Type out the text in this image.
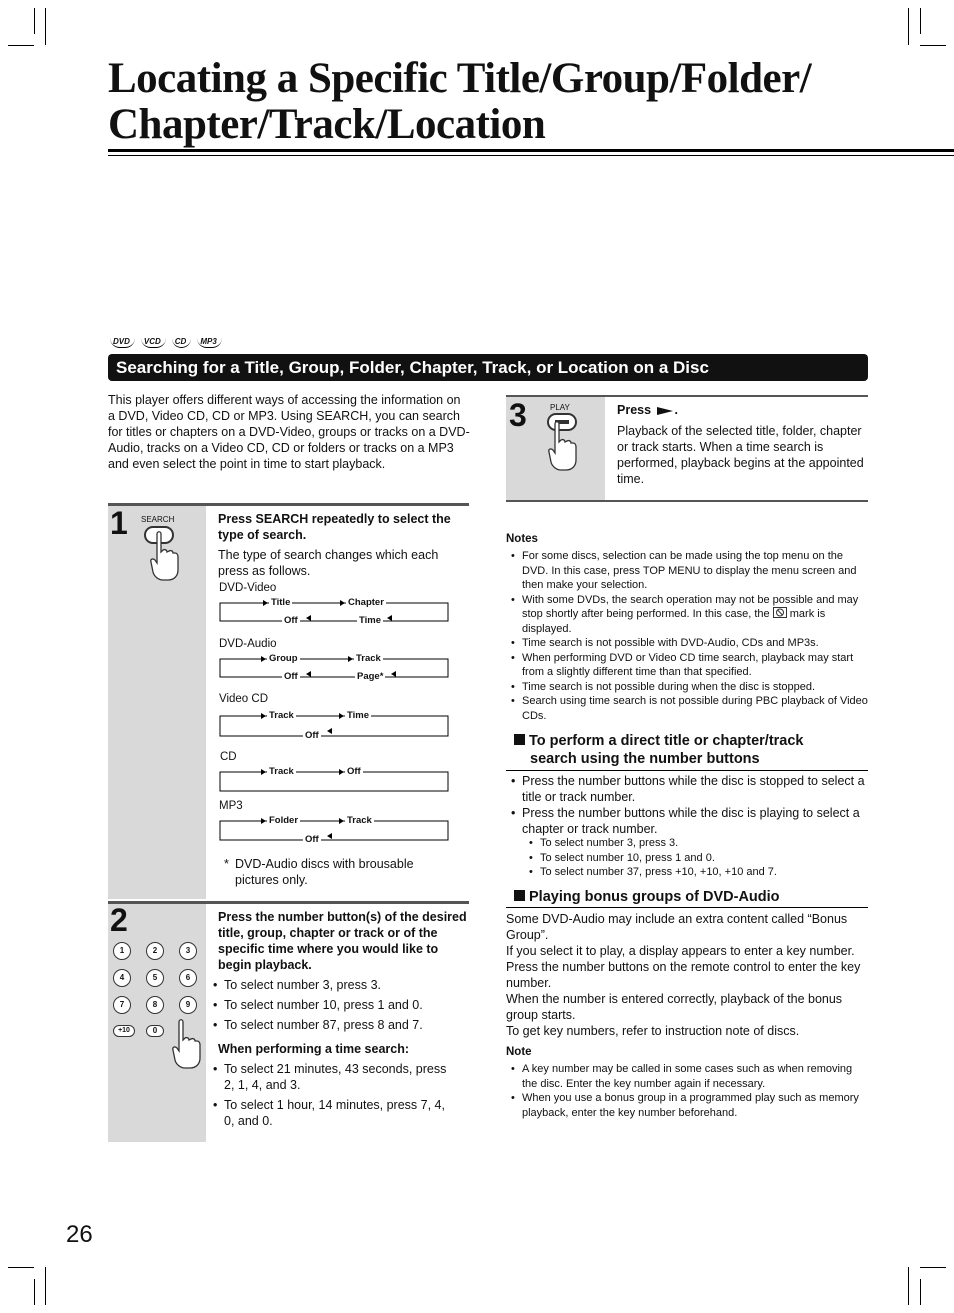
Locating a Specific Title/Group/Folder/
Chapter/Track/Location
DVD	VCD	CD	MP3
Searching for a Title, Group, Folder, Chapter, Track, or Location on a Disc
This player offers different ways of accessing the information on a DVD, Video CD, CD or MP3. Using SEARCH, you can search for titles or chapters on a DVD-Video, groups or tracks on a DVD-Audio, tracks on a Video CD, CD or folders or tracks on a MP3 and even select the point in time to start playback.
1 SEARCH	Press SEARCH repeatedly to select the type of search.
The type of search changes which each press as follows.
DVD-Video
Title	Chapter
Off	Time
DVD-Audio
Group	Track
Off	Page*
Video CD
Track	Time
Off
CD
Track	Off
MP3
Folder	Track
Off
* DVD-Audio discs with brousable pictures only.
2
1	2	3
4	5	6
7	8	9
+10	0
Press the number button(s) of the desired title, group, chapter or track or of the specific time where you would like to begin playback.
• To select number 3, press 3.
• To select number 10, press 1 and 0.
• To select number 87, press 8 and 7.
When performing a time search:
• To select 21 minutes, 43 seconds, press 2, 1, 4, and 3.
• To select 1 hour, 14 minutes, press 7, 4, 0, and 0.
3	PLAY	Press .
Playback of the selected title, folder, chapter or track starts. When a time search is performed, playback begins at the appointed time.
Notes
• For some discs, selection can be made using the top menu on the DVD. In this case, press TOP MENU to display the menu screen and then make your selection.
• With some DVDs, the search operation may not be possible and may stop shortly after being performed. In this case, the mark is displayed.
• Time search is not possible with DVD-Audio, CDs and MP3s.
• When performing DVD or Video CD time search, playback may start from a slightly different time than that specified.
• Time search is not possible during when the disc is stopped.
• Search using time search is not possible during PBC playback of Video CDs.
To perform a direct title or chapter/track
search using the number buttons
• Press the number buttons while the disc is stopped to select a title or track number.
• Press the number buttons while the disc is playing to select a chapter or track number.
• To select number 3, press 3.
• To select number 10, press 1 and 0.
• To select number 37, press +10, +10, +10 and 7.
Playing bonus groups of DVD-Audio
Some DVD-Audio may include an extra content called “Bonus Group”.
If you select it to play, a display appears to enter a key number. Press the number buttons on the remote control to enter the key number.
When the number is entered correctly, playback of the bonus group starts.
To get key numbers, refer to instruction note of discs.
Note
• A key number may be called in some cases such as when removing the disc. Enter the key number again if necessary.
• When you use a bonus group in a programmed play such as memory playback, enter the key number beforehand.
26
